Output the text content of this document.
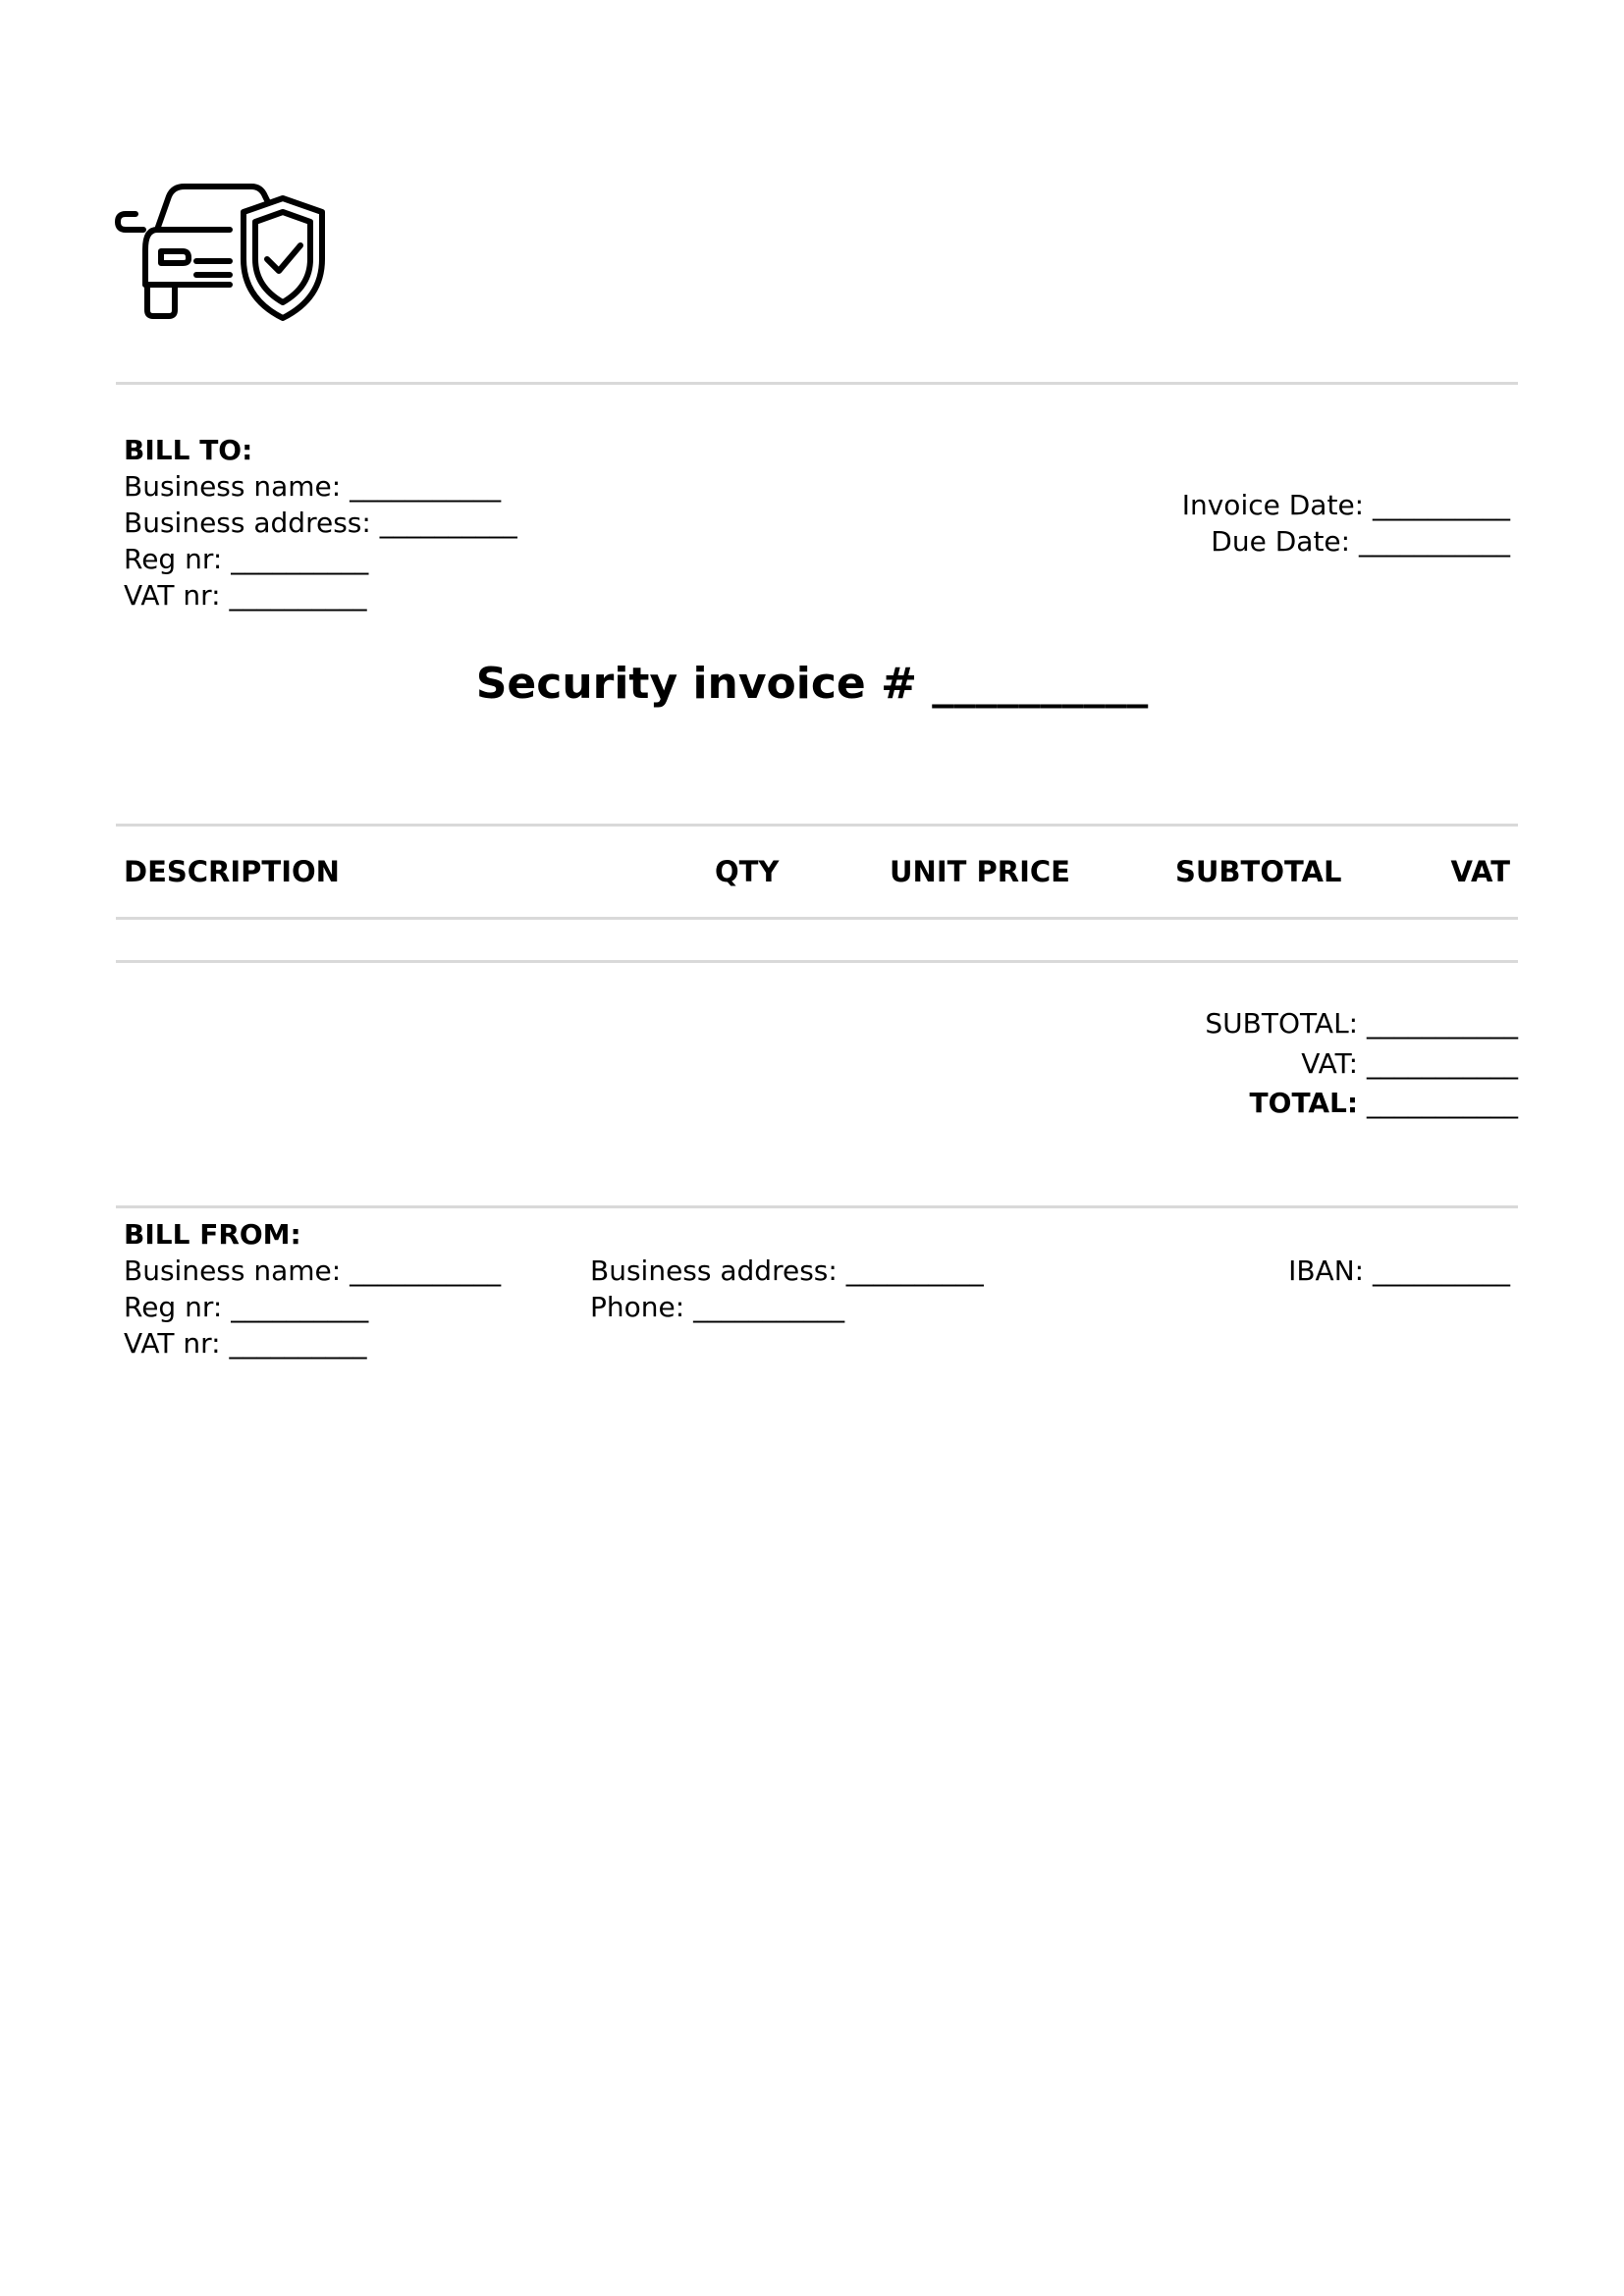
BILL TO:
Business name: ___________
Business address: __________
Reg nr: __________
VAT nr: __________
Invoice Date: __________
Due Date: ___________
Security invoice # __________
DESCRIPTION	QTY	UNIT PRICE	SUBTOTAL	VAT
SUBTOTAL: ___________
VAT: ___________
TOTAL: ___________
BILL FROM:
Business name: ___________
Reg nr: __________
VAT nr: __________
Business address: __________
Phone: ___________
IBAN: __________
